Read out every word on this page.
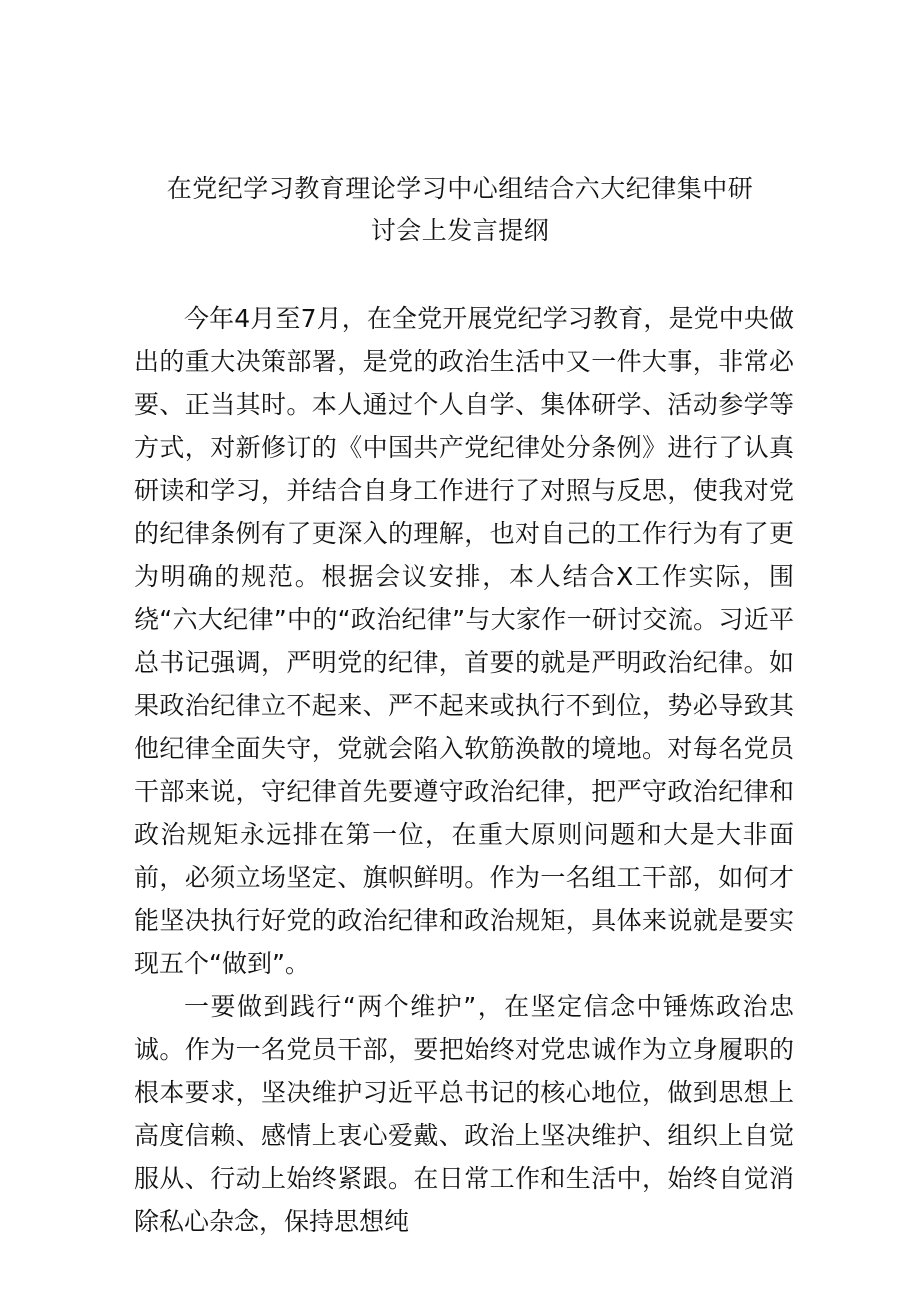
在党纪学习教育理论学习中心组结合六大纪律集中研
讨会上发言提纲

今年4月至7月，在全党开展党纪学习教育，是党中央做出的重大决策部署，是党的政治生活中又一件大事，非常必要、正当其时。本人通过个人自学、集体研学、活动参学等方式，对新修订的《中国共产党纪律处分条例》进行了认真研读和学习，并结合自身工作进行了对照与反思，使我对党的纪律条例有了更深入的理解，也对自己的工作行为有了更为明确的规范。根据会议安排，本人结合X工作实际，围绕“六大纪律”中的“政治纪律”与大家作一研讨交流。习近平总书记强调，严明党的纪律，首要的就是严明政治纪律。如果政治纪律立不起来、严不起来或执行不到位，势必导致其他纪律全面失守，党就会陷入软筋涣散的境地。对每名党员干部来说，守纪律首先要遵守政治纪律，把严守政治纪律和政治规矩永远排在第一位，在重大原则问题和大是大非面前，必须立场坚定、旗帜鲜明。作为一名组工干部，如何才能坚决执行好党的政治纪律和政治规矩，具体来说就是要实现五个“做到”。

一要做到践行“两个维护”，在坚定信念中锤炼政治忠诚。作为一名党员干部，要把始终对党忠诚作为立身履职的根本要求，坚决维护习近平总书记的核心地位，做到思想上高度信赖、感情上衷心爱戴、政治上坚决维护、组织上自觉服从、行动上始终紧跟。在日常工作和生活中，始终自觉消除私心杂念，保持思想纯
